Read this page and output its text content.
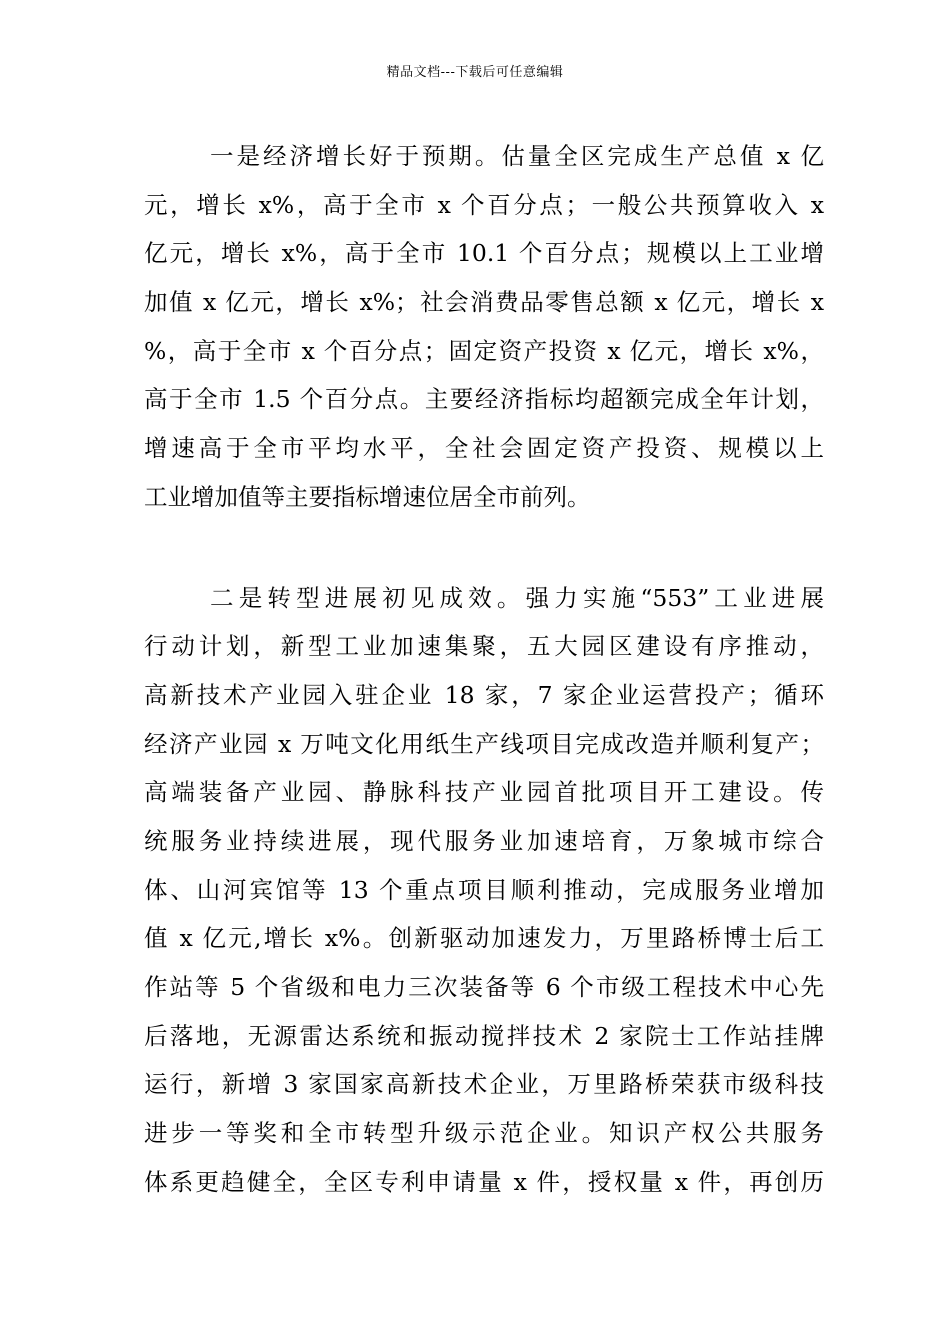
精品文档---下载后可任意编辑
一是经济增长好于预期。估量全区完成生产总值 x 亿
元，增长 x%，高于全市 x 个百分点；一般公共预算收入 x
亿元，增长 x%，高于全市 10.1 个百分点；规模以上工业增
加值 x 亿元，增长 x%；社会消费品零售总额 x 亿元，增长 x
%，高于全市 x 个百分点；固定资产投资 x 亿元，增长 x%，
高于全市 1.5 个百分点。主要经济指标均超额完成全年计划，
增速高于全市平均水平，全社会固定资产投资、规模以上
工业增加值等主要指标增速位居全市前列。
二是转型进展初见成效。强力实施“553”工业进展
行动计划，新型工业加速集聚，五大园区建设有序推动，
高新技术产业园入驻企业 18 家，7 家企业运营投产；循环
经济产业园 x 万吨文化用纸生产线项目完成改造并顺利复产；
高端装备产业园、静脉科技产业园首批项目开工建设。传
统服务业持续进展，现代服务业加速培育，万象城市综合
体、山河宾馆等 13 个重点项目顺利推动，完成服务业增加
值 x 亿元,增长 x%。创新驱动加速发力，万里路桥博士后工
作站等 5 个省级和电力三次装备等 6 个市级工程技术中心先
后落地，无源雷达系统和振动搅拌技术 2 家院士工作站挂牌
运行，新增 3 家国家高新技术企业，万里路桥荣获市级科技
进步一等奖和全市转型升级示范企业。知识产权公共服务
体系更趋健全，全区专利申请量 x 件，授权量 x 件，再创历
